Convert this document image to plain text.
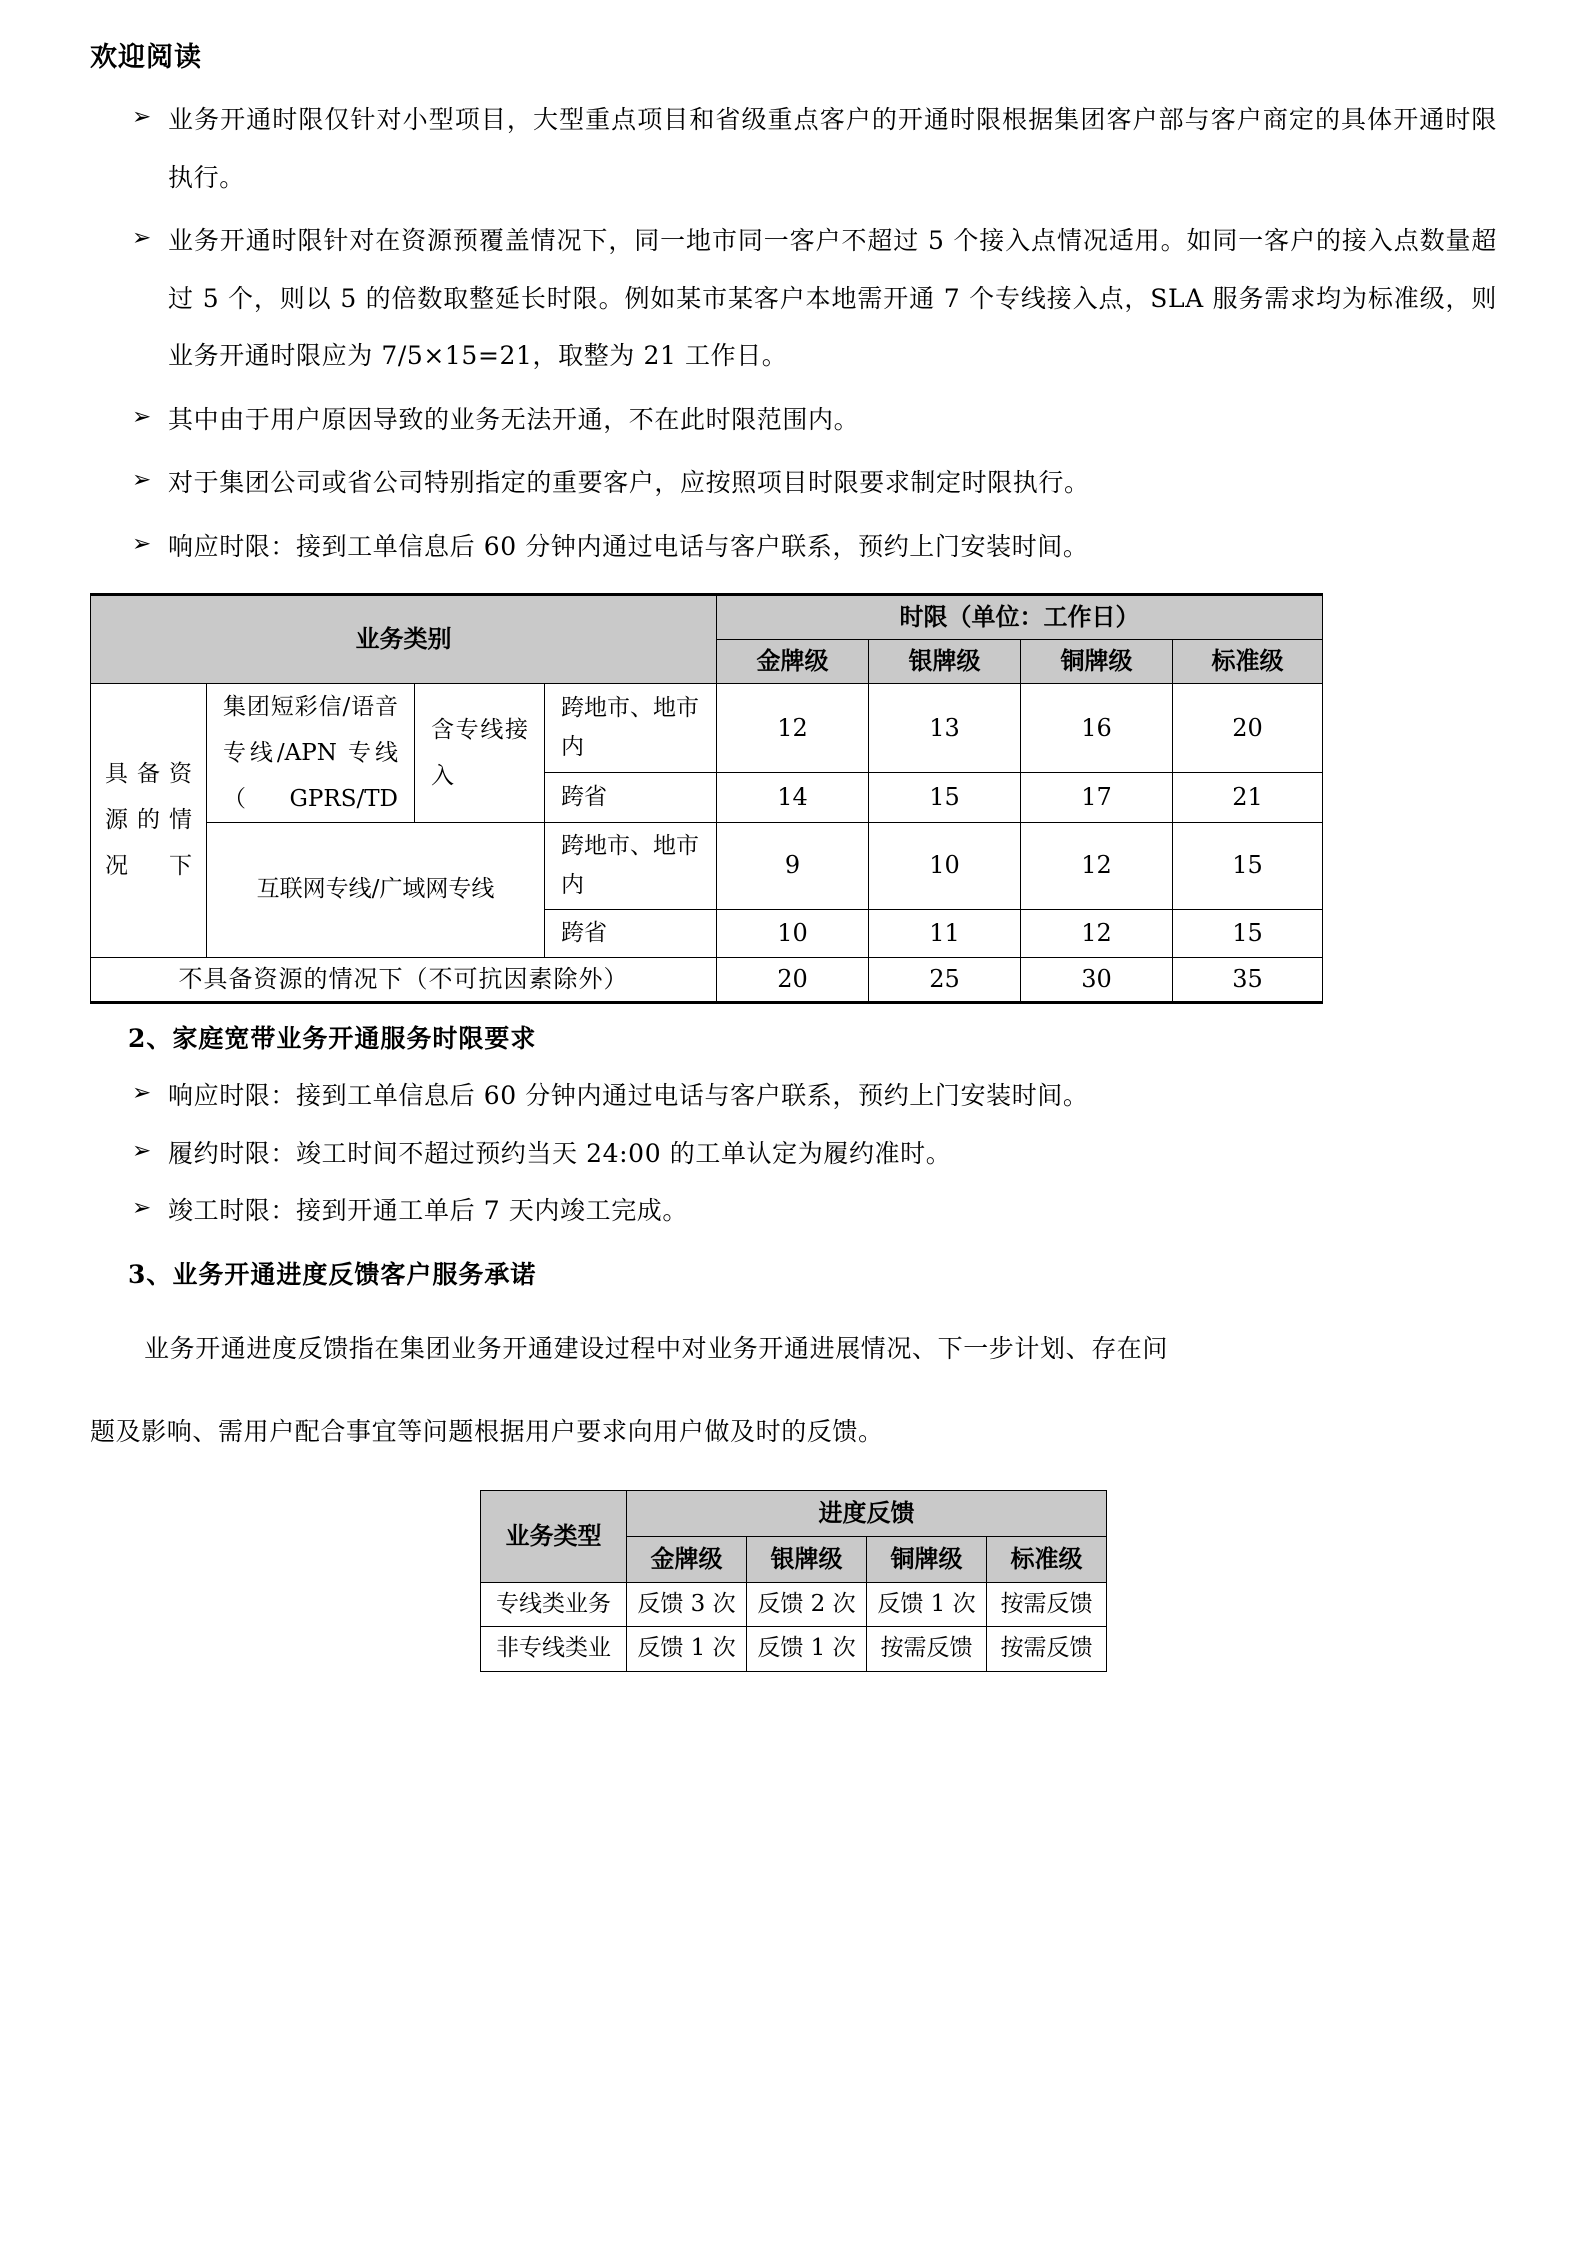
欢迎阅读
➢ 业务开通时限仅针对小型项目，大型重点项目和省级重点客户的开通时限根据集团客户部与客户商定的具体开通时限执行。
➢ 业务开通时限针对在资源预覆盖情况下，同一地市同一客户不超过 5 个接入点情况适用。如同一客户的接入点数量超过 5 个，则以 5 的倍数取整延长时限。例如某市某客户本地需开通 7 个专线接入点，SLA 服务需求均为标准级，则业务开通时限应为 7/5×15=21，取整为 21 工作日。
➢ 其中由于用户原因导致的业务无法开通，不在此时限范围内。
➢ 对于集团公司或省公司特别指定的重要客户，应按照项目时限要求制定时限执行。
➢ 响应时限：接到工单信息后 60 分钟内通过电话与客户联系，预约上门安装时间。
业务类别				时限（单位：工作日）			
				金牌级	银牌级	铜牌级	标准级
具备资源的情况下	集团短彩信/语音专线/APN 专线（GPRS/TD	含专线接入	跨地市、地市内	12	13	16	20
			跨省	14	15	17	21
	互联网专线/广域网专线		跨地市、地市内	9	10	12	15
			跨省	10	11	12	15
不具备资源的情况下（不可抗因素除外）				20	25	30	35
2、家庭宽带业务开通服务时限要求
➢ 响应时限：接到工单信息后 60 分钟内通过电话与客户联系，预约上门安装时间。
➢ 履约时限：竣工时间不超过预约当天 24:00 的工单认定为履约准时。
➢ 竣工时限：接到开通工单后 7 天内竣工完成。
3、业务开通进度反馈客户服务承诺
业务开通进度反馈指在集团业务开通建设过程中对业务开通进展情况、下一步计划、存在问
题及影响、需用户配合事宜等问题根据用户要求向用户做及时的反馈。
业务类型	进度反馈			
	金牌级	银牌级	铜牌级	标准级
专线类业务	反馈 3 次	反馈 2 次	反馈 1 次	按需反馈
非专线类业	反馈 1 次	反馈 1 次	按需反馈	按需反馈
